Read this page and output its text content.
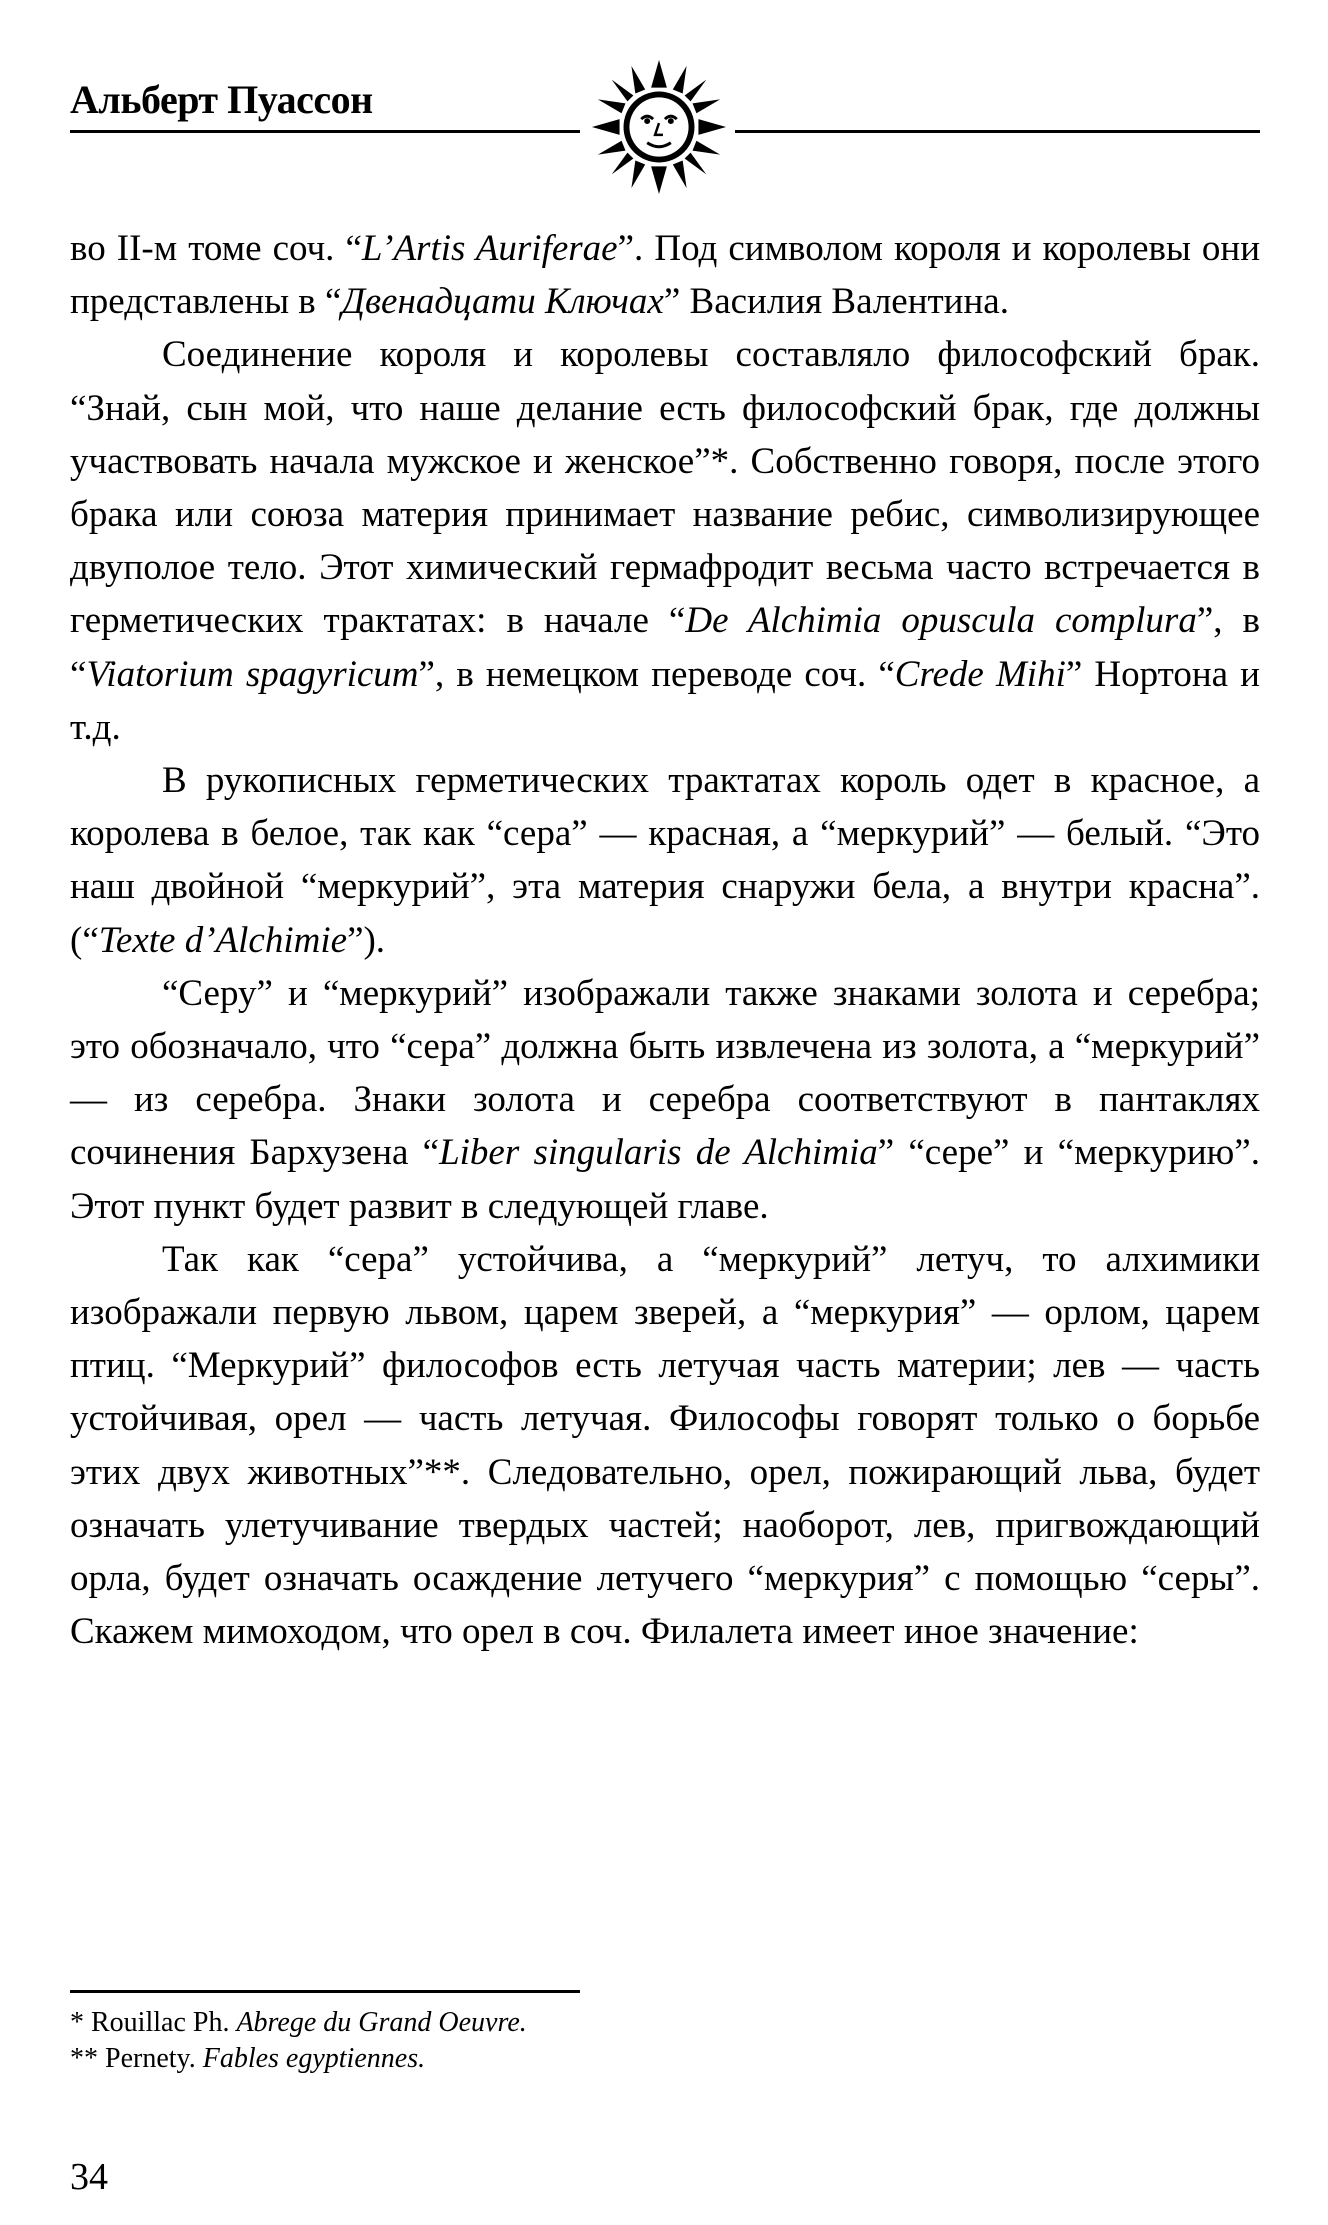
Альберт Пуассон

во II-м томе соч. “L’Artis Auriferae”. Под символом короля и королевы они представлены в “Двенадцати Ключах” Василия Валентина.

Соединение короля и королевы составляло философский брак. “Знай, сын мой, что наше делание есть философский брак, где должны участвовать начала мужское и женское”*. Собственно говоря, после этого брака или союза материя принимает название ребис, символизирующее двуполое тело. Этот химический гермафродит весьма часто встречается в герметических трактатах: в начале “De Alchimia opuscula complura”, в “Viatorium spagyricum”, в немецком переводе соч. “Crede Mihi” Нортона и т.д.

В рукописных герметических трактатах король одет в красное, а королева в белое, так как “сера” — красная, а “меркурий” — белый. “Это наш двойной “меркурий”, эта материя снаружи бела, а внутри красна”. (“Texte d’Alchimie”).

“Серу” и “меркурий” изображали также знаками золота и серебра; это обозначало, что “сера” должна быть извлечена из золота, а “меркурий” — из серебра. Знаки золота и серебра соответствуют в пантаклях сочинения Бархузена “Liber singularis de Alchimia” “сере” и “меркурию”. Этот пункт будет развит в следующей главе.

Так как “сера” устойчива, а “меркурий” летуч, то алхимики изображали первую львом, царем зверей, а “меркурия” — орлом, царем птиц. “Меркурий” философов есть летучая часть материи; лев — часть устойчивая, орел — часть летучая. Философы говорят только о борьбе этих двух животных”**. Следовательно, орел, пожирающий льва, будет означать улетучивание твердых частей; наоборот, лев, пригвождающий орла, будет означать осаждение летучего “меркурия” с помощью “серы”. Скажем мимоходом, что орел в соч. Филалета имеет иное значение:

* Rouillac Ph. Abrege du Grand Oeuvre.
** Pernety. Fables egyptiennes.
34
